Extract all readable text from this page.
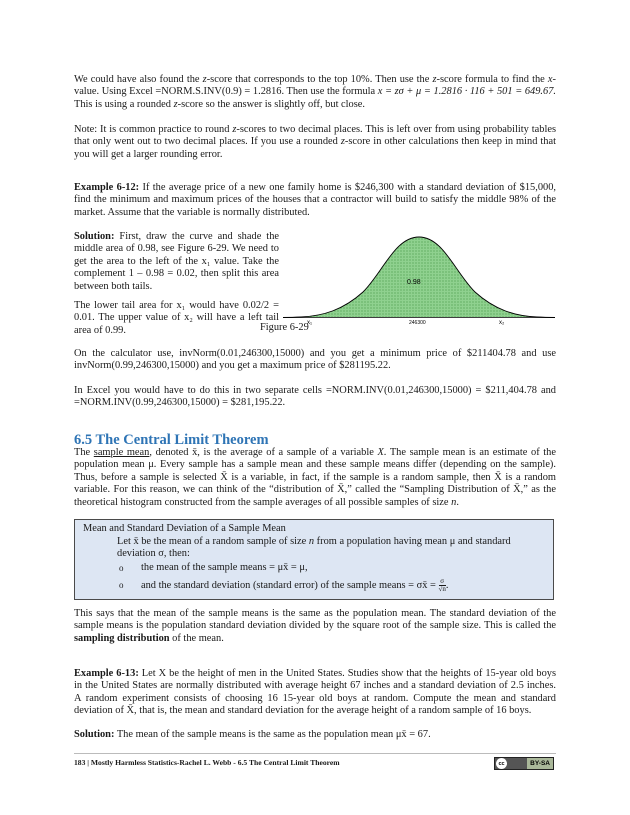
We could have also found the z-score that corresponds to the top 10%. Then use the z-score formula to find the x-value. Using Excel =NORM.S.INV(0.9) = 1.2816. Then use the formula x = zσ + μ = 1.2816 · 116 + 501 = 649.67. This is using a rounded z-score so the answer is slightly off, but close.

Note: It is common practice to round z-scores to two decimal places. This is left over from using probability tables that only went out to two decimal places. If you use a rounded z-score in other calculations then keep in mind that you will get a larger rounding error.

Example 6-12: If the average price of a new one family home is $246,300 with a standard deviation of $15,000, find the minimum and maximum prices of the houses that a contractor will build to satisfy the middle 98% of the market. Assume that the variable is normally distributed.

Solution: First, draw the curve and shade the middle area of 0.98, see Figure 6-29. We need to get the area to the left of the x₁ value. Take the complement 1 – 0.98 = 0.02, then split this area between both tails.

The lower tail area for x₁ would have 0.02/2 = 0.01. The upper value of x₂ will have a left tail area of 0.99.

0.98
x₁	246300	x₂
Figure 6-29

On the calculator use, invNorm(0.01,246300,15000) and you get a minimum price of $211404.78 and use invNorm(0.99,246300,15000) and you get a maximum price of $281195.22.

In Excel you would have to do this in two separate cells =NORM.INV(0.01,246300,15000) = $211,404.78 and =NORM.INV(0.99,246300,15000) = $281,195.22.

6.5 The Central Limit Theorem

The sample mean, denoted x̄, is the average of a sample of a variable X. The sample mean is an estimate of the population mean μ. Every sample has a sample mean and these sample means differ (depending on the sample). Thus, before a sample is selected X̄ is a variable, in fact, if the sample is a random sample, then X̄ is a random variable. For this reason, we can think of the “distribution of X̄,” called the “Sampling Distribution of X̄,” as the theoretical histogram constructed from the sample averages of all possible samples of size n.

Mean and Standard Deviation of a Sample Mean
Let x̄ be the mean of a random sample of size n from a population having mean μ and standard deviation σ, then:
o the mean of the sample means = μx̄ = μ,
o and the standard deviation (standard error) of the sample means = σx̄ = $\frac{\sigma}{√n}$ .

This says that the mean of the sample means is the same as the population mean. The standard deviation of the sample means is the population standard deviation divided by the square root of the sample size. This is called the sampling distribution of the mean.

Example 6-13: Let X be the height of men in the United States. Studies show that the heights of 15-year old boys in the United States are normally distributed with average height 67 inches and a standard deviation of 2.5 inches. A random experiment consists of choosing 16 15-year old boys at random. Compute the mean and standard deviation of X̄, that is, the mean and standard deviation for the average height of a random sample of 16 boys.

Solution: The mean of the sample means is the same as the population mean μx̄ = 67.

183 | Mostly Harmless Statistics-Rachel L. Webb - 6.5 The Central Limit Theorem	cc	BY-SA
